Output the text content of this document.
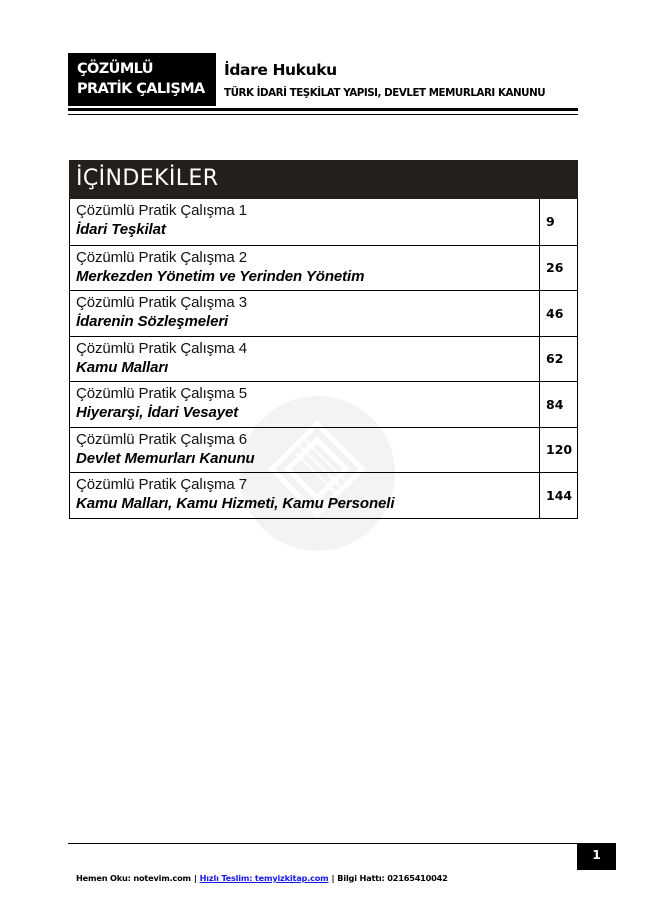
ÇÖZÜMLÜ
PRATİK ÇALIŞMA
İdare Hukuku
TÜRK İDARİ TEŞKİLAT YAPISI, DEVLET MEMURLARI KANUNU
İÇİNDEKİLER
Çözümlü Pratik Çalışma 1
İdari Teşkilat	9
Çözümlü Pratik Çalışma 2
Merkezden Yönetim ve Yerinden Yönetim	26
Çözümlü Pratik Çalışma 3
İdarenin Sözleşmeleri	46
Çözümlü Pratik Çalışma 4
Kamu Malları	62
Çözümlü Pratik Çalışma 5
Hiyerarşi, İdari Vesayet	84
Çözümlü Pratik Çalışma 6
Devlet Memurları Kanunu	120
Çözümlü Pratik Çalışma 7
Kamu Malları, Kamu Hizmeti, Kamu Personeli	144
1
Hemen Oku: notevim.com | Hızlı Teslim: temyizkitap.com | Bilgi Hattı: 02165410042
